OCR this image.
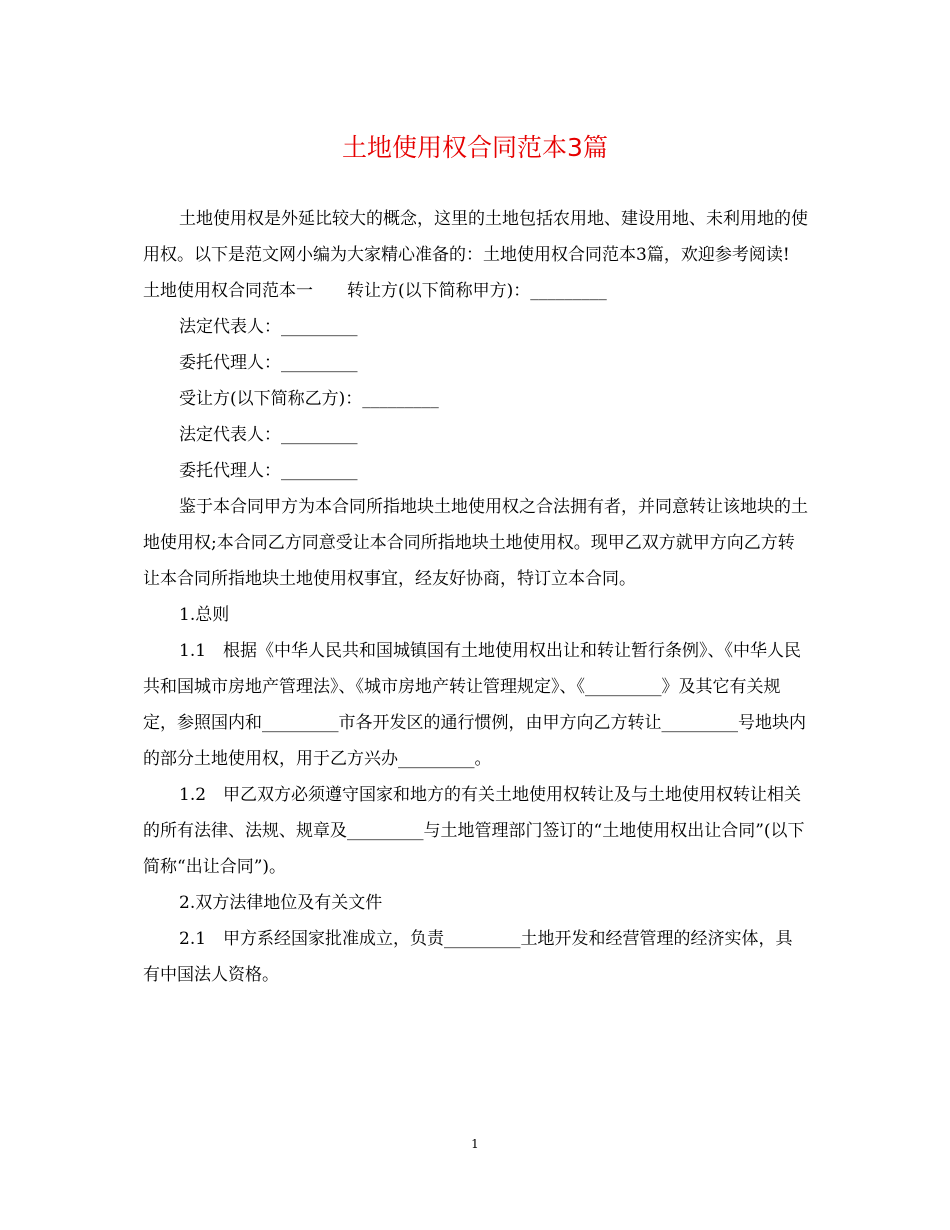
土地使用权合同范本3篇

土地使用权是外延比较大的概念，这里的土地包括农用地、建设用地、未利用地的使用权。以下是范文网小编为大家精心准备的：土地使用权合同范本3篇，欢迎参考阅读!

土地使用权合同范本一　　转让方(以下简称甲方)：_________

法定代表人：_________

委托代理人：_________

受让方(以下简称乙方)：_________

法定代表人：_________

委托代理人：_________

鉴于本合同甲方为本合同所指地块土地使用权之合法拥有者，并同意转让该地块的土地使用权;本合同乙方同意受让本合同所指地块土地使用权。现甲乙双方就甲方向乙方转让本合同所指地块土地使用权事宜，经友好协商，特订立本合同。

1.总则

1.1　根据《中华人民共和国城镇国有土地使用权出让和转让暂行条例》、《中华人民共和国城市房地产管理法》、《城市房地产转让管理规定》、《_________》及其它有关规定，参照国内和_________市各开发区的通行惯例，由甲方向乙方转让_________号地块内的部分土地使用权，用于乙方兴办_________。

1.2　甲乙双方必须遵守国家和地方的有关土地使用权转让及与土地使用权转让相关的所有法律、法规、规章及_________与土地管理部门签订的“土地使用权出让合同”(以下简称“出让合同”)。

2.双方法律地位及有关文件

2.1　甲方系经国家批准成立，负责_________土地开发和经营管理的经济实体，具有中国法人资格。

1
